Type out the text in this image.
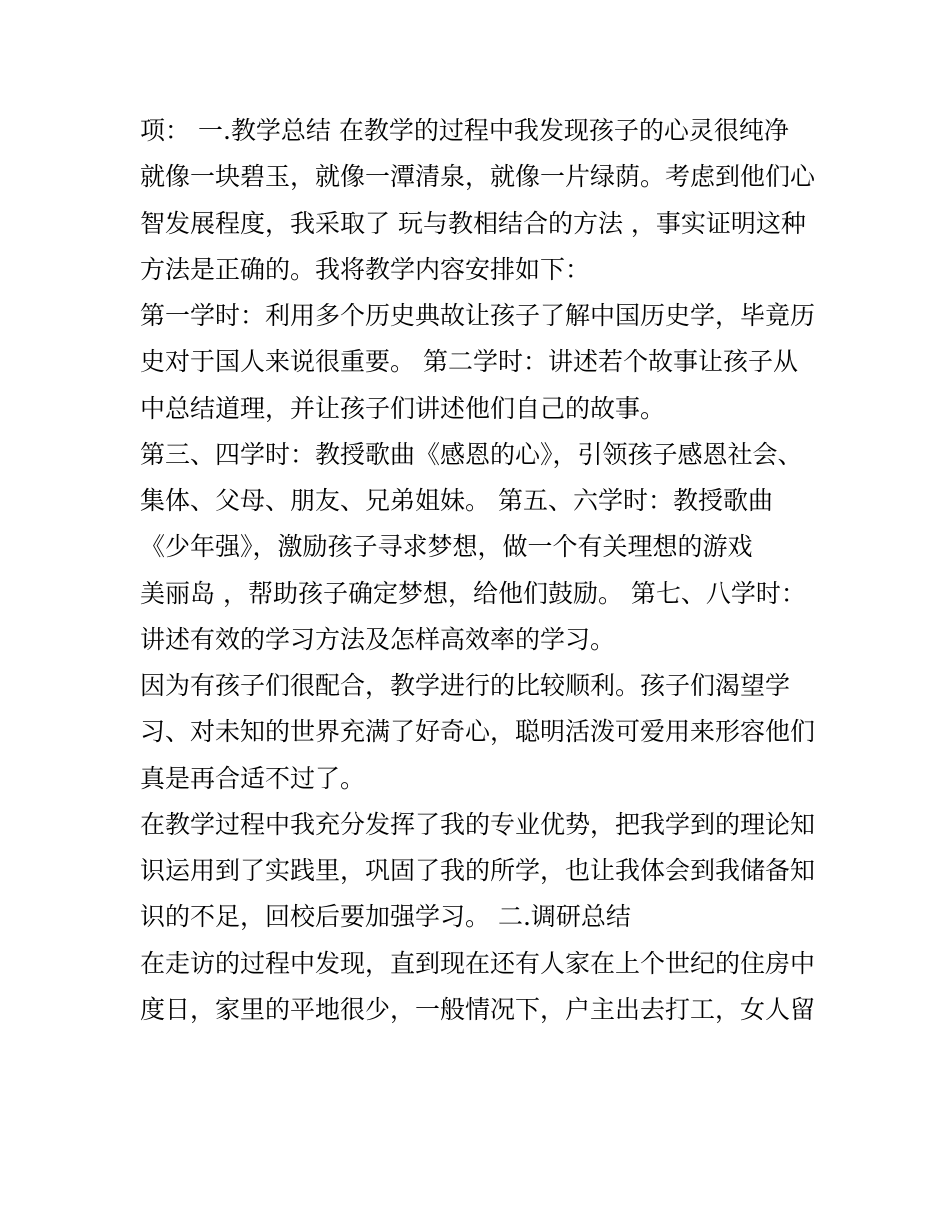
项： 一.教学总结 在教学的过程中我发现孩子的心灵很纯净
就像一块碧玉，就像一潭清泉，就像一片绿荫。考虑到他们心
智发展程度，我采取了 玩与教相结合的方法 ，事实证明这种
方法是正确的。我将教学内容安排如下：
第一学时：利用多个历史典故让孩子了解中国历史学，毕竟历
史对于国人来说很重要。 第二学时：讲述若个故事让孩子从
中总结道理，并让孩子们讲述他们自己的故事。
第三、四学时：教授歌曲《感恩的心》，引领孩子感恩社会、
集体、父母、朋友、兄弟姐妹。 第五、六学时：教授歌曲
《少年强》，激励孩子寻求梦想，做一个有关理想的游戏
美丽岛 ，帮助孩子确定梦想，给他们鼓励。 第七、八学时：
讲述有效的学习方法及怎样高效率的学习。
因为有孩子们很配合，教学进行的比较顺利。孩子们渴望学
习、对未知的世界充满了好奇心，聪明活泼可爱用来形容他们
真是再合适不过了。
在教学过程中我充分发挥了我的专业优势，把我学到的理论知
识运用到了实践里，巩固了我的所学，也让我体会到我储备知
识的不足，回校后要加强学习。 二.调研总结
在走访的过程中发现，直到现在还有人家在上个世纪的住房中
度日，家里的平地很少，一般情况下，户主出去打工，女人留
